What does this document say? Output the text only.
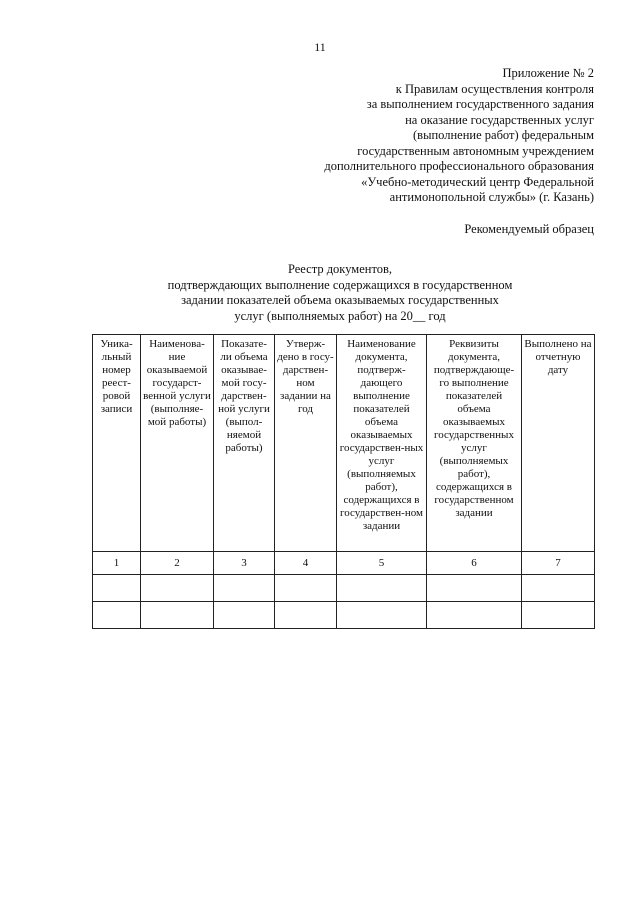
11
Приложение № 2
к Правилам осуществления контроля
за выполнением государственного задания
на оказание государственных услуг
(выполнение работ) федеральным
государственным автономным учреждением
дополнительного профессионального образования
«Учебно-методический центр Федеральной
антимонопольной службы» (г. Казань)
Рекомендуемый образец
Реестр документов,
подтверждающих выполнение содержащихся в государственном
задании показателей объема оказываемых государственных
услуг (выполняемых работ) на 20__ год
Уника-льный номер реест-ровой записи	Наименова-ние оказываемой государст-венной услуги (выполняе-мой работы)	Показате-ли объема оказывае-мой госу-дарствен-ной услуги (выпол-няемой работы)	Утверж-дено в госу-дарствен-ном задании на год	Наименование документа, подтверж-дающего выполнение показателей объема оказываемых государствен-ных услуг (выполняемых работ), содержащихся в государствен-ном задании	Реквизиты документа, подтверждающе-го выполнение показателей объема оказываемых государственных услуг (выполняемых работ), содержащихся в государственном задании	Выполнено на отчетную дату
1	2	3	4	5	6	7
